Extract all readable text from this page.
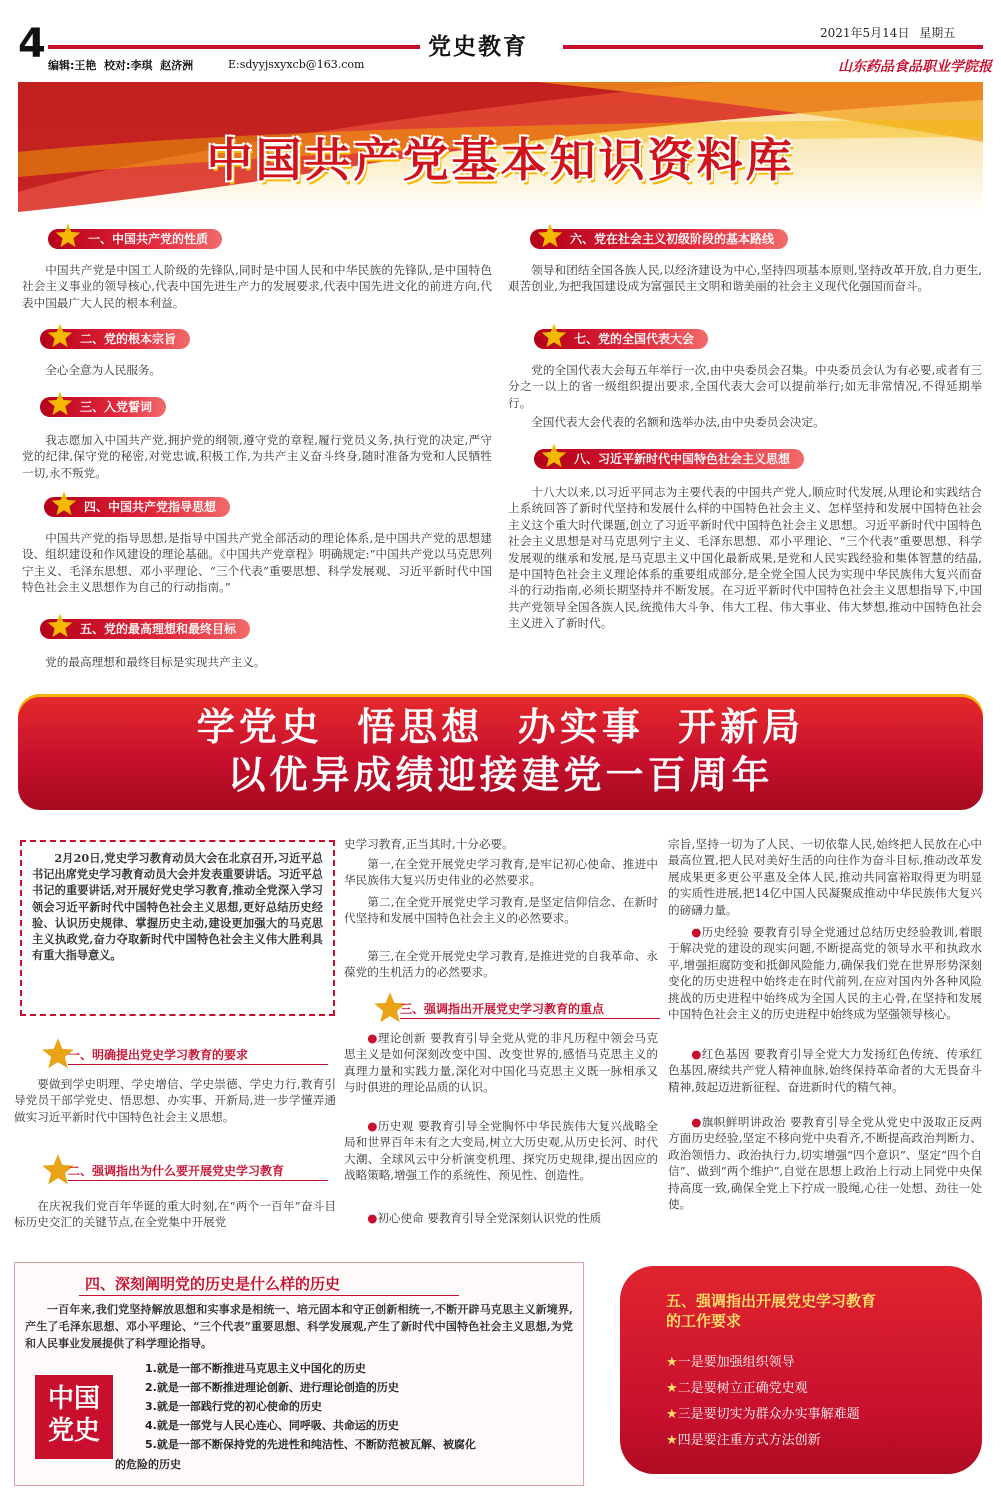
4	党史教育	2021年5月14日 星期五
编辑:王艳  校对:李琪  赵济洲	E:sdyyjsxyxcb@163.com	山东药品食品职业学院报
中国共产党基本知识资料库
一、中国共产党的性质
中国共产党是中国工人阶级的先锋队,同时是中国人民和中华民族的先锋队,是中国特色社会主义事业的领导核心,代表中国先进生产力的发展要求,代表中国先进文化的前进方向,代表中国最广大人民的根本利益。
二、党的根本宗旨
全心全意为人民服务。
三、入党誓词
我志愿加入中国共产党,拥护党的纲领,遵守党的章程,履行党员义务,执行党的决定,严守党的纪律,保守党的秘密,对党忠诚,积极工作,为共产主义奋斗终身,随时准备为党和人民牺牲一切,永不叛党。
四、中国共产党指导思想
中国共产党的指导思想,是指导中国共产党全部活动的理论体系,是中国共产党的思想建设、组织建设和作风建设的理论基础。《中国共产党章程》明确规定:“中国共产党以马克思列宁主义、毛泽东思想、邓小平理论、“三个代表”重要思想、科学发展观、习近平新时代中国特色社会主义思想作为自己的行动指南。”
五、党的最高理想和最终目标
党的最高理想和最终目标是实现共产主义。
六、党在社会主义初级阶段的基本路线
领导和团结全国各族人民,以经济建设为中心,坚持四项基本原则,坚持改革开放,自力更生,艰苦创业,为把我国建设成为富强民主文明和谐美丽的社会主义现代化强国而奋斗。
七、党的全国代表大会
党的全国代表大会每五年举行一次,由中央委员会召集。中央委员会认为有必要,或者有三分之一以上的省一级组织提出要求,全国代表大会可以提前举行;如无非常情况,不得延期举行。
全国代表大会代表的名额和选举办法,由中央委员会决定。
八、习近平新时代中国特色社会主义思想
十八大以来,以习近平同志为主要代表的中国共产党人,顺应时代发展,从理论和实践结合上系统回答了新时代坚持和发展什么样的中国特色社会主义、怎样坚持和发展中国特色社会主义这个重大时代课题,创立了习近平新时代中国特色社会主义思想。习近平新时代中国特色社会主义思想是对马克思列宁主义、毛泽东思想、邓小平理论、“三个代表”重要思想、科学发展观的继承和发展,是马克思主义中国化最新成果,是党和人民实践经验和集体智慧的结晶,是中国特色社会主义理论体系的重要组成部分,是全党全国人民为实现中华民族伟大复兴而奋斗的行动指南,必须长期坚持并不断发展。在习近平新时代中国特色社会主义思想指导下,中国共产党领导全国各族人民,统揽伟大斗争、伟大工程、伟大事业、伟大梦想,推动中国特色社会主义进入了新时代。
学党史  悟思想  办实事  开新局
以优异成绩迎接建党一百周年
2月20日,党史学习教育动员大会在北京召开,习近平总书记出席党史学习教育动员大会并发表重要讲话。习近平总书记的重要讲话,对开展好党史学习教育,推动全党深入学习领会习近平新时代中国特色社会主义思想,更好总结历史经验、认识历史规律、掌握历史主动,建设更加强大的马克思主义执政党,奋力夺取新时代中国特色社会主义伟大胜利具有重大指导意义。
一、明确提出党史学习教育的要求
要做到学史明理、学史增信、学史崇德、学史力行,教育引导党员干部学党史、悟思想、办实事、开新局,进一步学懂弄通做实习近平新时代中国特色社会主义思想。
二、强调指出为什么要开展党史学习教育
在庆祝我们党百年华诞的重大时刻,在“两个一百年”奋斗目标历史交汇的关键节点,在全党集中开展党
史学习教育,正当其时,十分必要。
第一,在全党开展党史学习教育,是牢记初心使命、推进中华民族伟大复兴历史伟业的必然要求。
第二,在全党开展党史学习教育,是坚定信仰信念、在新时代坚持和发展中国特色社会主义的必然要求。
第三,在全党开展党史学习教育,是推进党的自我革命、永葆党的生机活力的必然要求。
三、强调指出开展党史学习教育的重点
●理论创新 要教育引导全党从党的非凡历程中领会马克思主义是如何深刻改变中国、改变世界的,感悟马克思主义的真理力量和实践力量,深化对中国化马克思主义既一脉相承又与时俱进的理论品质的认识。
●历史观 要教育引导全党胸怀中华民族伟大复兴战略全局和世界百年未有之大变局,树立大历史观,从历史长河、时代大潮、全球风云中分析演变机理、探究历史规律,提出因应的战略策略,增强工作的系统性、预见性、创造性。
●初心使命 要教育引导全党深刻认识党的性质
宗旨,坚持一切为了人民、一切依靠人民,始终把人民放在心中最高位置,把人民对美好生活的向往作为奋斗目标,推动改革发展成果更多更公平惠及全体人民,推动共同富裕取得更为明显的实质性进展,把14亿中国人民凝聚成推动中华民族伟大复兴的磅礴力量。
●历史经验 要教育引导全党通过总结历史经验教训,着眼于解决党的建设的现实问题,不断提高党的领导水平和执政水平,增强拒腐防变和抵御风险能力,确保我们党在世界形势深刻变化的历史进程中始终走在时代前列,在应对国内外各种风险挑战的历史进程中始终成为全国人民的主心骨,在坚持和发展中国特色社会主义的历史进程中始终成为坚强领导核心。
●红色基因 要教育引导全党大力发扬红色传统、传承红色基因,赓续共产党人精神血脉,始终保持革命者的大无畏奋斗精神,鼓起迈进新征程、奋进新时代的精气神。
●旗帜鲜明讲政治 要教育引导全党从党史中汲取正反两方面历史经验,坚定不移向党中央看齐,不断提高政治判断力、政治领悟力、政治执行力,切实增强“四个意识”、坚定“四个自信”、做到“两个维护”,自觉在思想上政治上行动上同党中央保持高度一致,确保全党上下拧成一股绳,心往一处想、劲往一处使。
四、深刻阐明党的历史是什么样的历史
一百年来,我们党坚持解放思想和实事求是相统一、培元固本和守正创新相统一,不断开辟马克思主义新境界,产生了毛泽东思想、邓小平理论、“三个代表”重要思想、科学发展观,产生了新时代中国特色社会主义思想,为党和人民事业发展提供了科学理论指导。
中国
党史
1.就是一部不断推进马克思主义中国化的历史
2.就是一部不断推进理论创新、进行理论创造的历史
3.就是一部践行党的初心使命的历史
4.就是一部党与人民心连心、同呼吸、共命运的历史
5.就是一部不断保持党的先进性和纯洁性、不断防范被瓦解、被腐化
的危险的历史
五、强调指出开展党史学习教育
的工作要求
★一是要加强组织领导
★二是要树立正确党史观
★三是要切实为群众办实事解难题
★四是要注重方式方法创新
